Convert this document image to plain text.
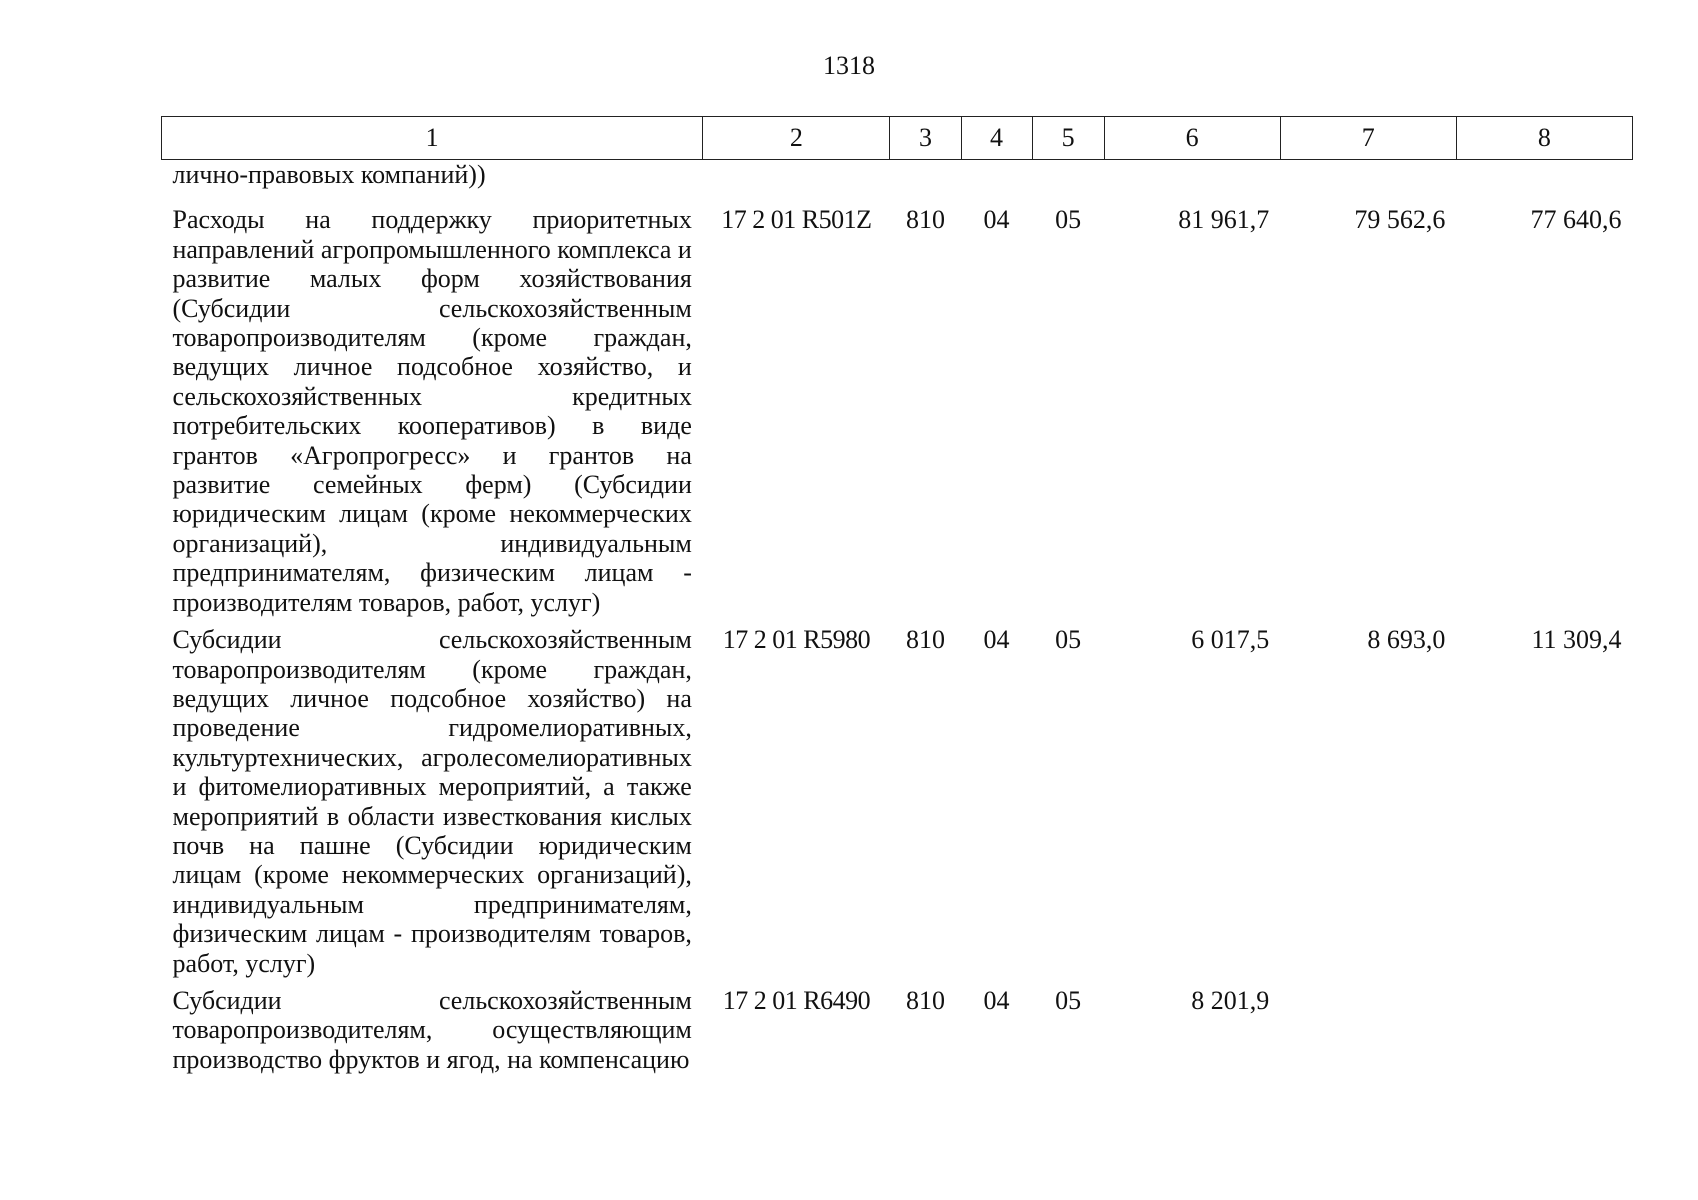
1318
1	2	3	4	5	6	7	8
лично-правовых компаний))							
Расходы на поддержку приоритетных направлений агропромышленного комплекса и развитие малых форм хозяйствования (Субсидии сельскохозяйственным товаропроизводителям (кроме граждан, ведущих личное подсобное хозяйство, и сельскохозяйственных кредитных потребительских кооперативов) в виде грантов «Агропрогресс» и грантов на развитие семейных ферм) (Субсидии юридическим лицам (кроме некоммерческих организаций), индивидуальным предпринимателям, физическим лицам - производителям товаров, работ, услуг)	17 2 01 R501Z	810	04	05	81 961,7	79 562,6	77 640,6
Субсидии сельскохозяйственным товаропроизводителям (кроме граждан, ведущих личное подсобное хозяйство) на проведение гидромелиоративных, культуртехнических, агролесомелиоративных и фитомелиоративных мероприятий, а также мероприятий в области известкования кислых почв на пашне (Субсидии юридическим лицам (кроме некоммерческих организаций), индивидуальным предпринимателям, физическим лицам - производителям товаров, работ, услуг)	17 2 01 R5980	810	04	05	6 017,5	8 693,0	11 309,4
Субсидии сельскохозяйственным товаропроизводителям, осуществляющим производство фруктов и ягод, на компенсацию	17 2 01 R6490	810	04	05	8 201,9		
